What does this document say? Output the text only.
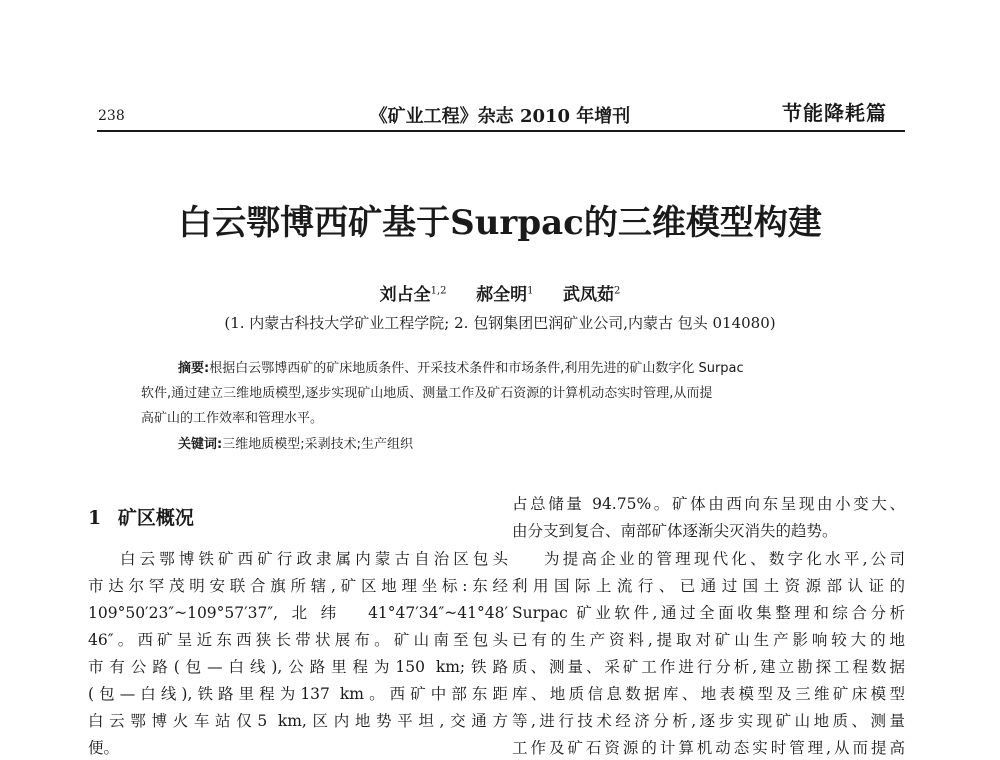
238	《矿业工程》杂志 2010 年增刊	节能降耗篇
白云鄂博西矿基于Surpac的三维模型构建
刘占全$^{1,2}$ 郝全明$^1$ 武凤茹$^2$
(1. 内蒙古科技大学矿业工程学院; 2. 包钢集团巴润矿业公司,内蒙古 包头 014080)
摘要:根据白云鄂博西矿的矿床地质条件、开采技术条件和市场条件,利用先进的矿山数字化 Surpac
软件,通过建立三维地质模型,逐步实现矿山地质、测量工作及矿石资源的计算机动态实时管理,从而提
高矿山的工作效率和管理水平。
关键词:三维地质模型;采剥技术;生产组织
1 矿区概况
白云鄂博铁矿西矿行政隶属内蒙古自治区包头
市达尔罕茂明安联合旗所辖,矿区地理坐标:东经
109°50′23″~109°57′37″,北纬 41°47′34″~41°48′
46″。西矿呈近东西狭长带状展布。矿山南至包头
市有公路(包—白线),公路里程为150 km;铁路
(包—白线),铁路里程为137 km。西矿中部东距
白云鄂博火车站仅5 km,区内地势平坦,交通方
便。
占总储量 94.75%。矿体由西向东呈现由小变大、
由分支到复合、南部矿体逐渐尖灭消失的趋势。
为提高企业的管理现代化、数字化水平,公司
利用国际上流行、已通过国土资源部认证的
Surpac 矿业软件,通过全面收集整理和综合分析
已有的生产资料,提取对矿山生产影响较大的地
质、测量、采矿工作进行分析,建立勘探工程数据
库、地质信息数据库、地表模型及三维矿床模型
等,进行技术经济分析,逐步实现矿山地质、测量
工作及矿石资源的计算机动态实时管理,从而提高
